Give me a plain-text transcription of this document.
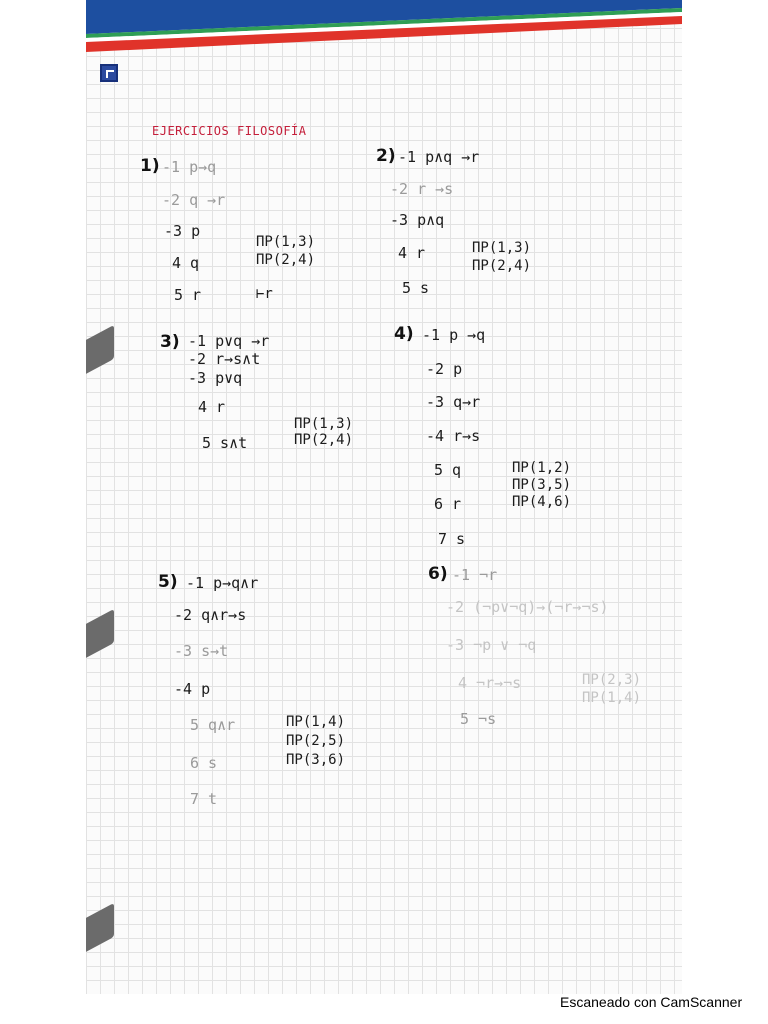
EJERCICIOS FILOSOFÍA
1) -1 p→q
-2 q →r
-3 p
4 q
5 r
ΠP(1,3)
ΠP(2,4)
⊢r
2) -1 p∧q →r
-2 r →s
-3 p∧q
4 r
5 s
ΠP(1,3)
ΠP(2,4)
3) -1 p∨q →r
-2 r→s∧t
-3 p∨q
4 r
5 s∧t
ΠP(1,3)
ΠP(2,4)
4) -1 p →q
-2 p
-3 q→r
-4 r→s
5 q
6 r
7 s
ΠP(1,2)
ΠP(3,5)
ΠP(4,6)
5) -1 p→q∧r
-2 q∧r→s
-3 s→t
-4 p
5 q∧r
6 s
7 t
ΠP(1,4)
ΠP(2,5)
ΠP(3,6)
6) -1 ¬r
-2 (¬p∨¬q)→(¬r→¬s)
-3 ¬p ∨ ¬q
4 ¬r→¬s
5 ¬s
ΠP(2,3)
ΠP(1,4)
Escaneado con CamScanner
